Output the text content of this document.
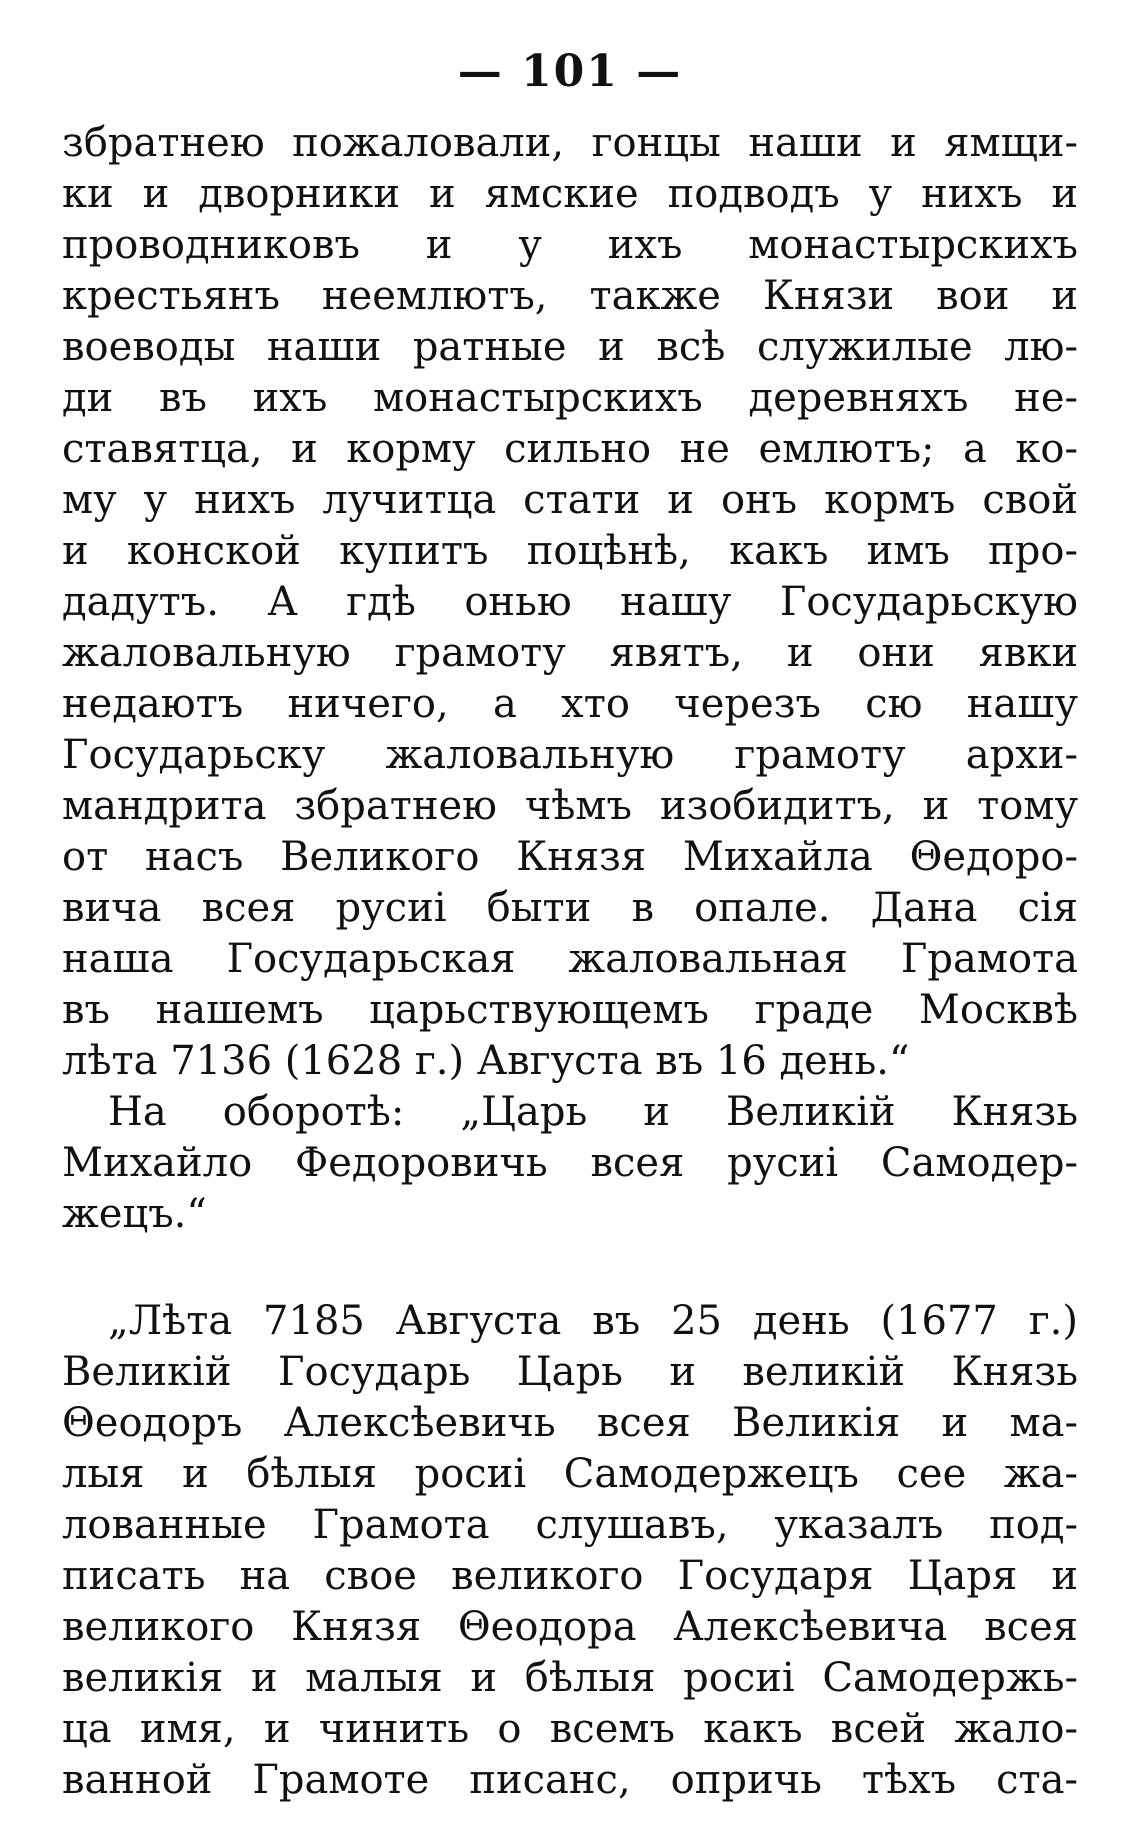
— 101 —
збратнею пожаловали, гонцы наши и ямщи-
ки и дворники и ямские подводъ у нихъ и
проводниковъ и у ихъ монастырскихъ
крестьянъ неемлютъ, также Князи вои и
воеводы наши ратные и всѣ служилые лю-
ди въ ихъ монастырскихъ деревняхъ не-
ставятца, и корму сильно не емлютъ; а ко-
му у нихъ лучитца стати и онъ кормъ свой
и конской купитъ поцѣнѣ, какъ имъ про-
дадутъ. А гдѣ онью нашу Государьскую
жаловальную грамоту явятъ, и они явки
недаютъ ничего, а хто черезъ сю нашу
Государьску жаловальную грамоту архи-
мандрита збратнею чѣмъ изобидитъ, и тому
от насъ Великого Князя Михайла Θедоро-
вича всея русиі быти в опале. Дана сія
наша Государьская жаловальная Грамота
въ нашемъ царьствующемъ граде Москвѣ
лѣта 7136 (1628 г.) Августа въ 16 день.“
На оборотѣ: „Царь и Великій Князь
Михайло Федоровичь всея русиі Самодер-
жецъ.“
„Лѣта 7185 Августа въ 25 день (1677 г.)
Великій Государь Царь и великій Князь
Θеодоръ Алексѣевичь всея Великія и ма-
лыя и бѣлыя росиі Самодержецъ сее жа-
лованные Грамота слушавъ, указалъ под-
писать на свое великого Государя Царя и
великого Князя Θеодора Алексѣевича всея
великія и малыя и бѣлыя росиі Самодержь-
ца имя, и чинить о всемъ какъ всей жало-
ванной Грамоте писанс, опричь тѣхъ ста-
